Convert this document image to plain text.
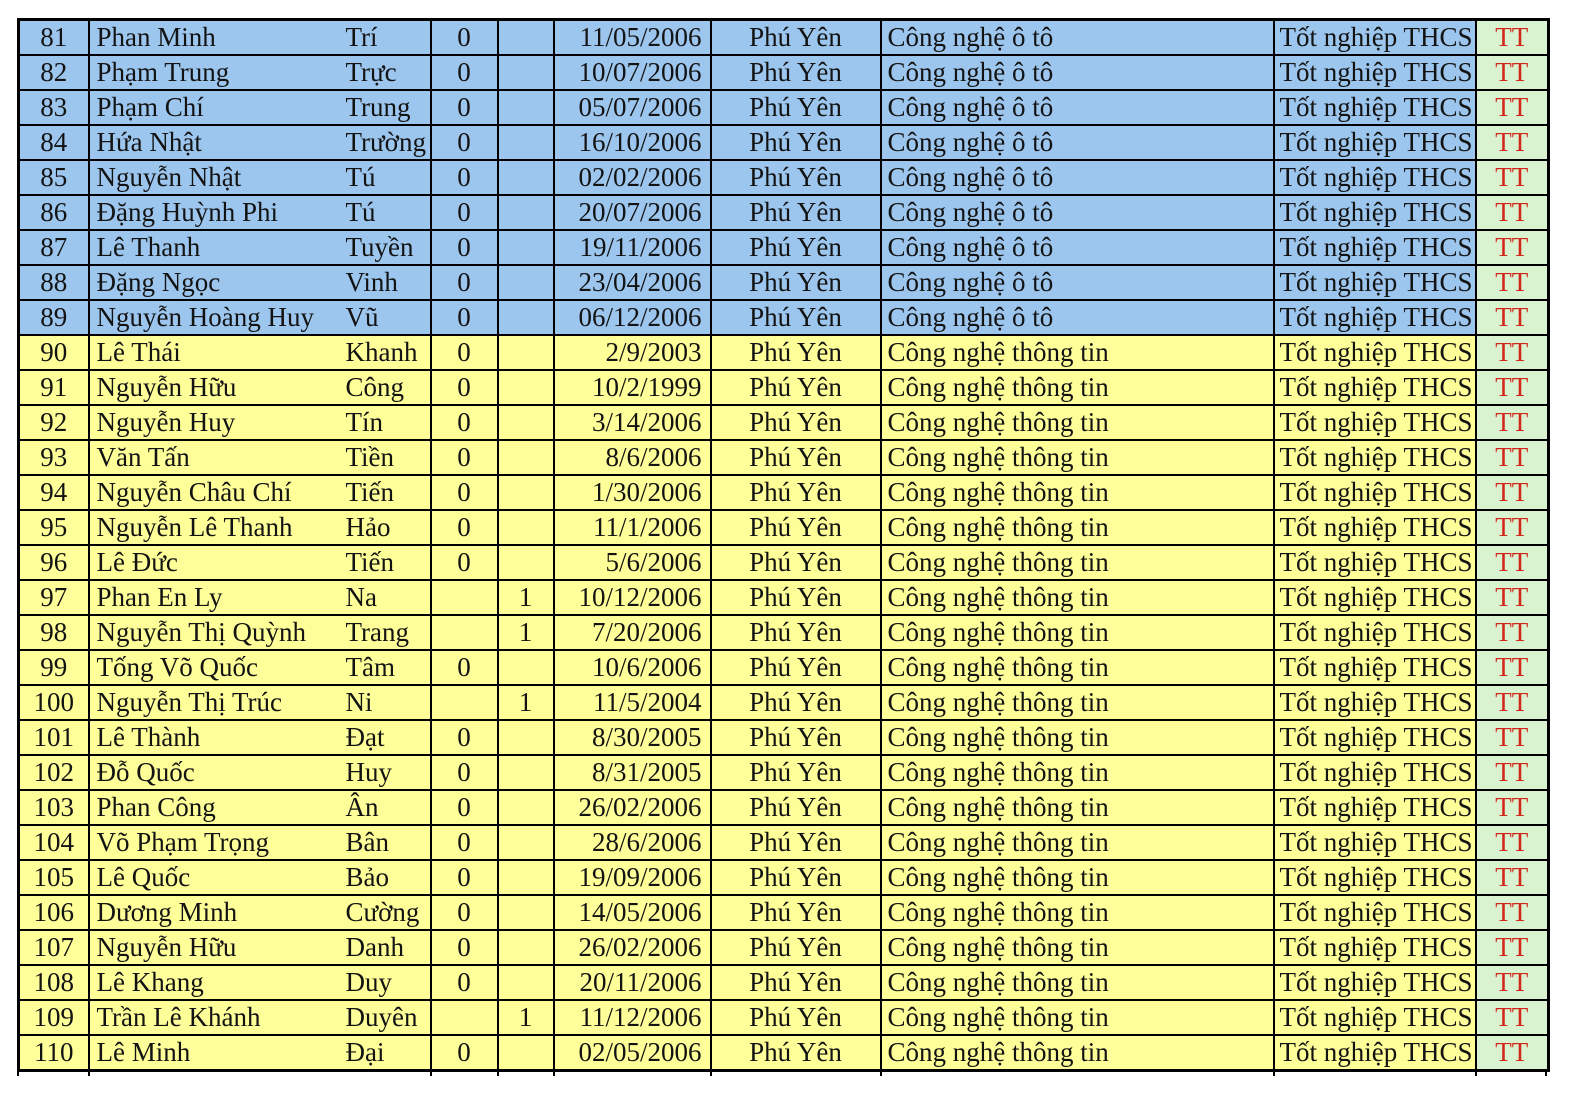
81	Phan Minh	Trí	0		11/05/2006	Phú Yên	Công nghệ ô tô	Tốt nghiệp THCS	TT
82	Phạm Trung	Trực	0		10/07/2006	Phú Yên	Công nghệ ô tô	Tốt nghiệp THCS	TT
83	Phạm Chí	Trung	0		05/07/2006	Phú Yên	Công nghệ ô tô	Tốt nghiệp THCS	TT
84	Hứa Nhật	Trường	0		16/10/2006	Phú Yên	Công nghệ ô tô	Tốt nghiệp THCS	TT
85	Nguyễn Nhật	Tú	0		02/02/2006	Phú Yên	Công nghệ ô tô	Tốt nghiệp THCS	TT
86	Đặng Huỳnh Phi	Tú	0		20/07/2006	Phú Yên	Công nghệ ô tô	Tốt nghiệp THCS	TT
87	Lê Thanh	Tuyền	0		19/11/2006	Phú Yên	Công nghệ ô tô	Tốt nghiệp THCS	TT
88	Đặng Ngọc	Vinh	0		23/04/2006	Phú Yên	Công nghệ ô tô	Tốt nghiệp THCS	TT
89	Nguyễn Hoàng Huy	Vũ	0		06/12/2006	Phú Yên	Công nghệ ô tô	Tốt nghiệp THCS	TT
90	Lê Thái	Khanh	0		2/9/2003	Phú Yên	Công nghệ thông tin	Tốt nghiệp THCS	TT
91	Nguyễn Hữu	Công	0		10/2/1999	Phú Yên	Công nghệ thông tin	Tốt nghiệp THCS	TT
92	Nguyễn Huy	Tín	0		3/14/2006	Phú Yên	Công nghệ thông tin	Tốt nghiệp THCS	TT
93	Văn Tấn	Tiền	0		8/6/2006	Phú Yên	Công nghệ thông tin	Tốt nghiệp THCS	TT
94	Nguyễn Châu Chí	Tiến	0		1/30/2006	Phú Yên	Công nghệ thông tin	Tốt nghiệp THCS	TT
95	Nguyễn Lê Thanh	Hảo	0		11/1/2006	Phú Yên	Công nghệ thông tin	Tốt nghiệp THCS	TT
96	Lê Đức	Tiến	0		5/6/2006	Phú Yên	Công nghệ thông tin	Tốt nghiệp THCS	TT
97	Phan En Ly	Na		1	10/12/2006	Phú Yên	Công nghệ thông tin	Tốt nghiệp THCS	TT
98	Nguyễn Thị Quỳnh	Trang		1	7/20/2006	Phú Yên	Công nghệ thông tin	Tốt nghiệp THCS	TT
99	Tống Võ Quốc	Tâm	0		10/6/2006	Phú Yên	Công nghệ thông tin	Tốt nghiệp THCS	TT
100	Nguyễn Thị Trúc	Ni		1	11/5/2004	Phú Yên	Công nghệ thông tin	Tốt nghiệp THCS	TT
101	Lê Thành	Đạt	0		8/30/2005	Phú Yên	Công nghệ thông tin	Tốt nghiệp THCS	TT
102	Đỗ Quốc	Huy	0		8/31/2005	Phú Yên	Công nghệ thông tin	Tốt nghiệp THCS	TT
103	Phan Công	Ân	0		26/02/2006	Phú Yên	Công nghệ thông tin	Tốt nghiệp THCS	TT
104	Võ Phạm Trọng	Bân	0		28/6/2006	Phú Yên	Công nghệ thông tin	Tốt nghiệp THCS	TT
105	Lê Quốc	Bảo	0		19/09/2006	Phú Yên	Công nghệ thông tin	Tốt nghiệp THCS	TT
106	Dương Minh	Cường	0		14/05/2006	Phú Yên	Công nghệ thông tin	Tốt nghiệp THCS	TT
107	Nguyễn Hữu	Danh	0		26/02/2006	Phú Yên	Công nghệ thông tin	Tốt nghiệp THCS	TT
108	Lê Khang	Duy	0		20/11/2006	Phú Yên	Công nghệ thông tin	Tốt nghiệp THCS	TT
109	Trần Lê Khánh	Duyên		1	11/12/2006	Phú Yên	Công nghệ thông tin	Tốt nghiệp THCS	TT
110	Lê Minh	Đại	0		02/05/2006	Phú Yên	Công nghệ thông tin	Tốt nghiệp THCS	TT
